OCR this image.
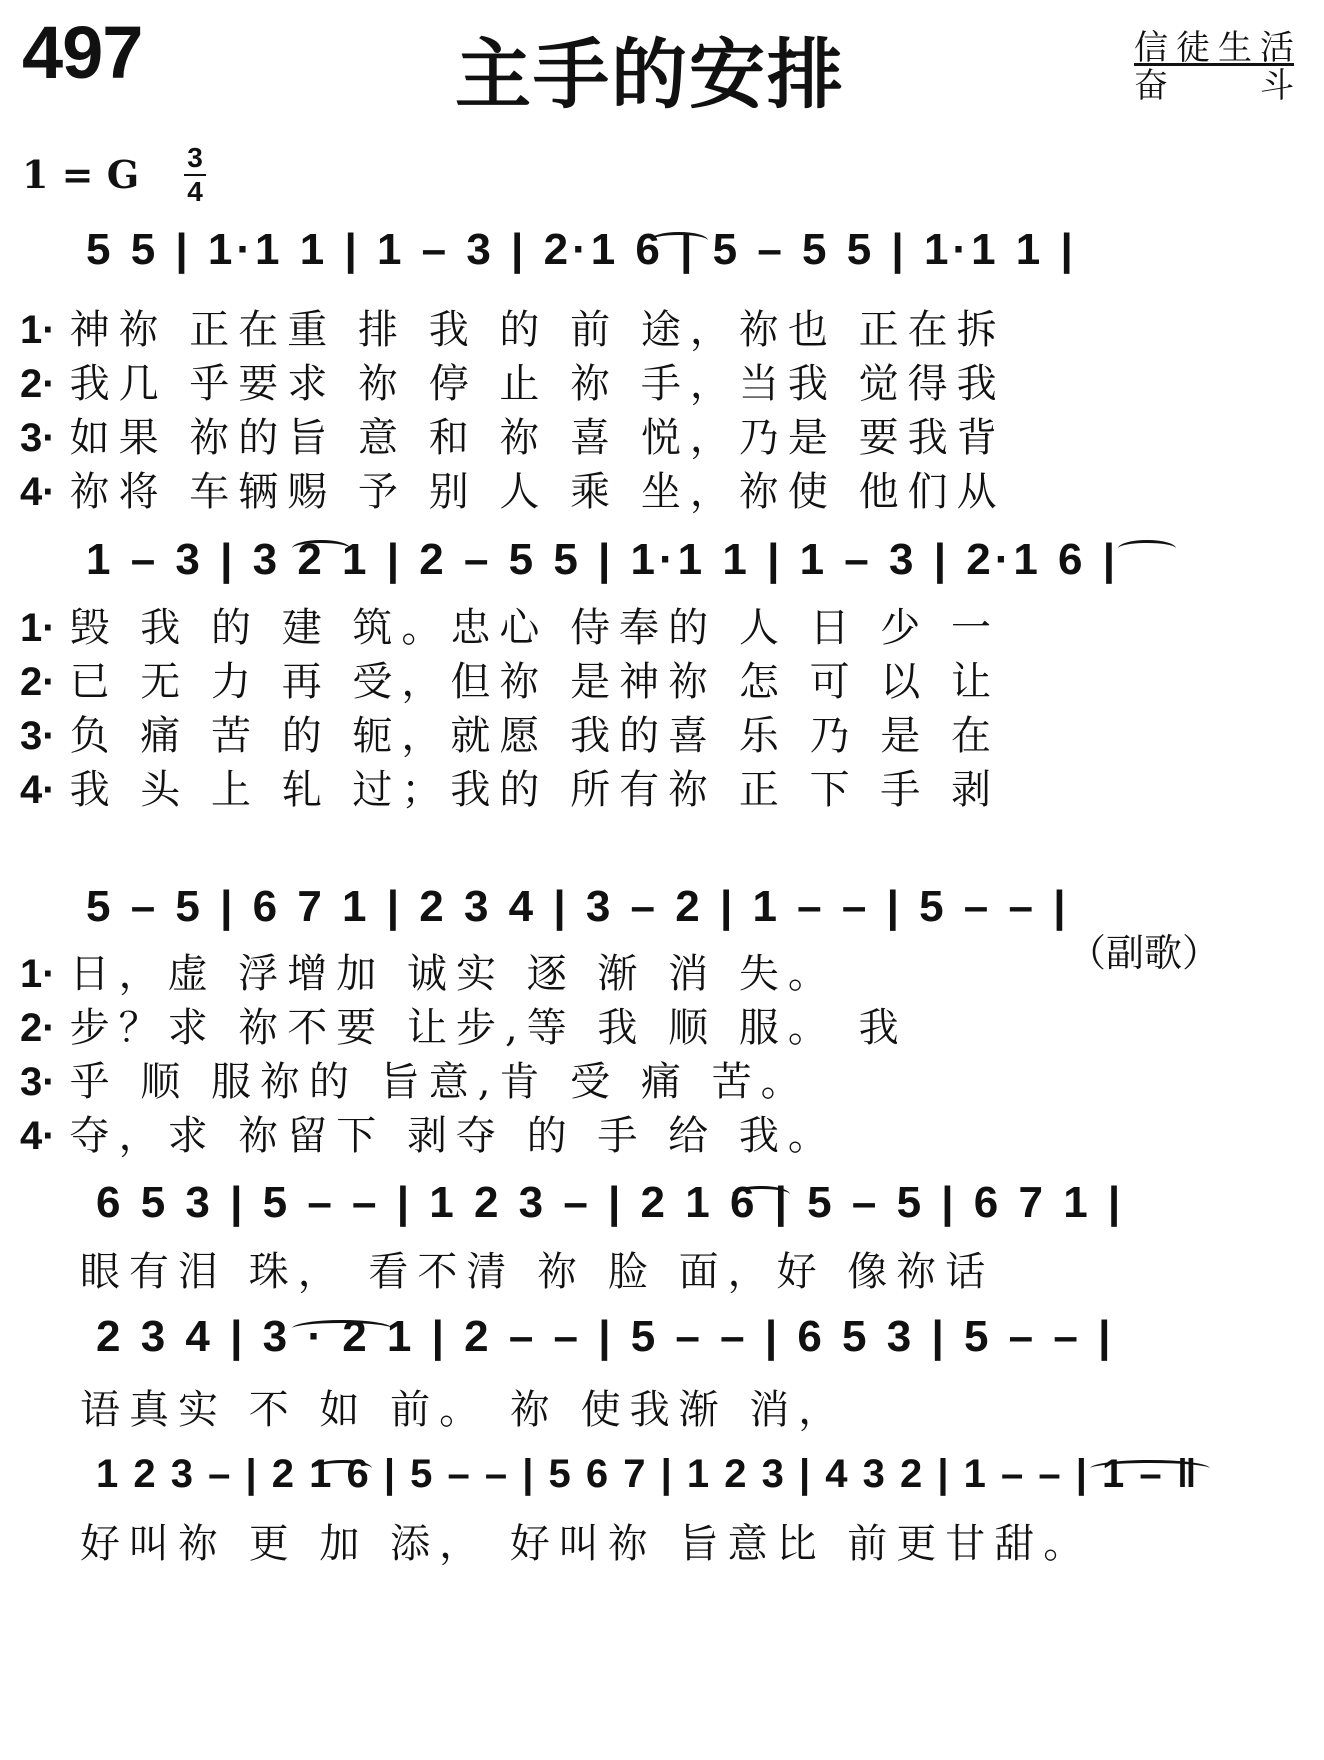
497	主手的安排	信徒生活
奋 斗
1 = G 3
4
5 5 | 1·1 1 | 1 – 3 | 2·1 6 | 5 – 5 5 | 1·1 1 |
1· 神祢 正在重 排 我 的 前 途，祢也 正在拆
2· 我几 乎要求 祢 停 止 祢 手，当我 觉得我
3· 如果 祢的旨 意 和 祢 喜 悦，乃是 要我背
4· 祢将 车辆赐 予 别 人 乘 坐，祢使 他们从
1 – 3 | 3 2 1 | 2 – 5 5 | 1·1 1 | 1 – 3 | 2·1 6 |
1· 毁 我 的 建 筑。忠心 侍奉的 人 日 少 一
2· 已 无 力 再 受，但祢 是神祢 怎 可 以 让
3· 负 痛 苦 的 轭，就愿 我的喜 乐 乃 是 在
4· 我 头 上 轧 过；我的 所有祢 正 下 手 剥
（副歌）
5 – 5 | 6 7 1 | 2 3 4 | 3 – 2 | 1 – – | 5 – – |
1· 日，虚 浮增加 诚实 逐 渐 消 失。
2· 步？求 祢不要 让步,等 我 顺 服。 我
3· 乎 顺 服祢的 旨意,肯 受 痛 苦。
4· 夺，求 祢留下 剥夺 的 手 给 我。
6 5 3 | 5 – – | 1 2 3 – | 2 1 6 | 5 – 5 | 6 7 1 |
眼有泪 珠， 看不清 祢 脸 面，好 像祢话
2 3 4 | 3 · 2 1 | 2 – – | 5 – – | 6 5 3 | 5 – – |
语真实 不 如 前。 祢 使我渐 消，
1 2 3 – | 2 1 6 | 5 – – | 5 6 7 | 1 2 3 | 4 3 2 | 1 – – | 1 – ‖
好叫祢 更 加 添， 好叫祢 旨意比 前更甘甜。
